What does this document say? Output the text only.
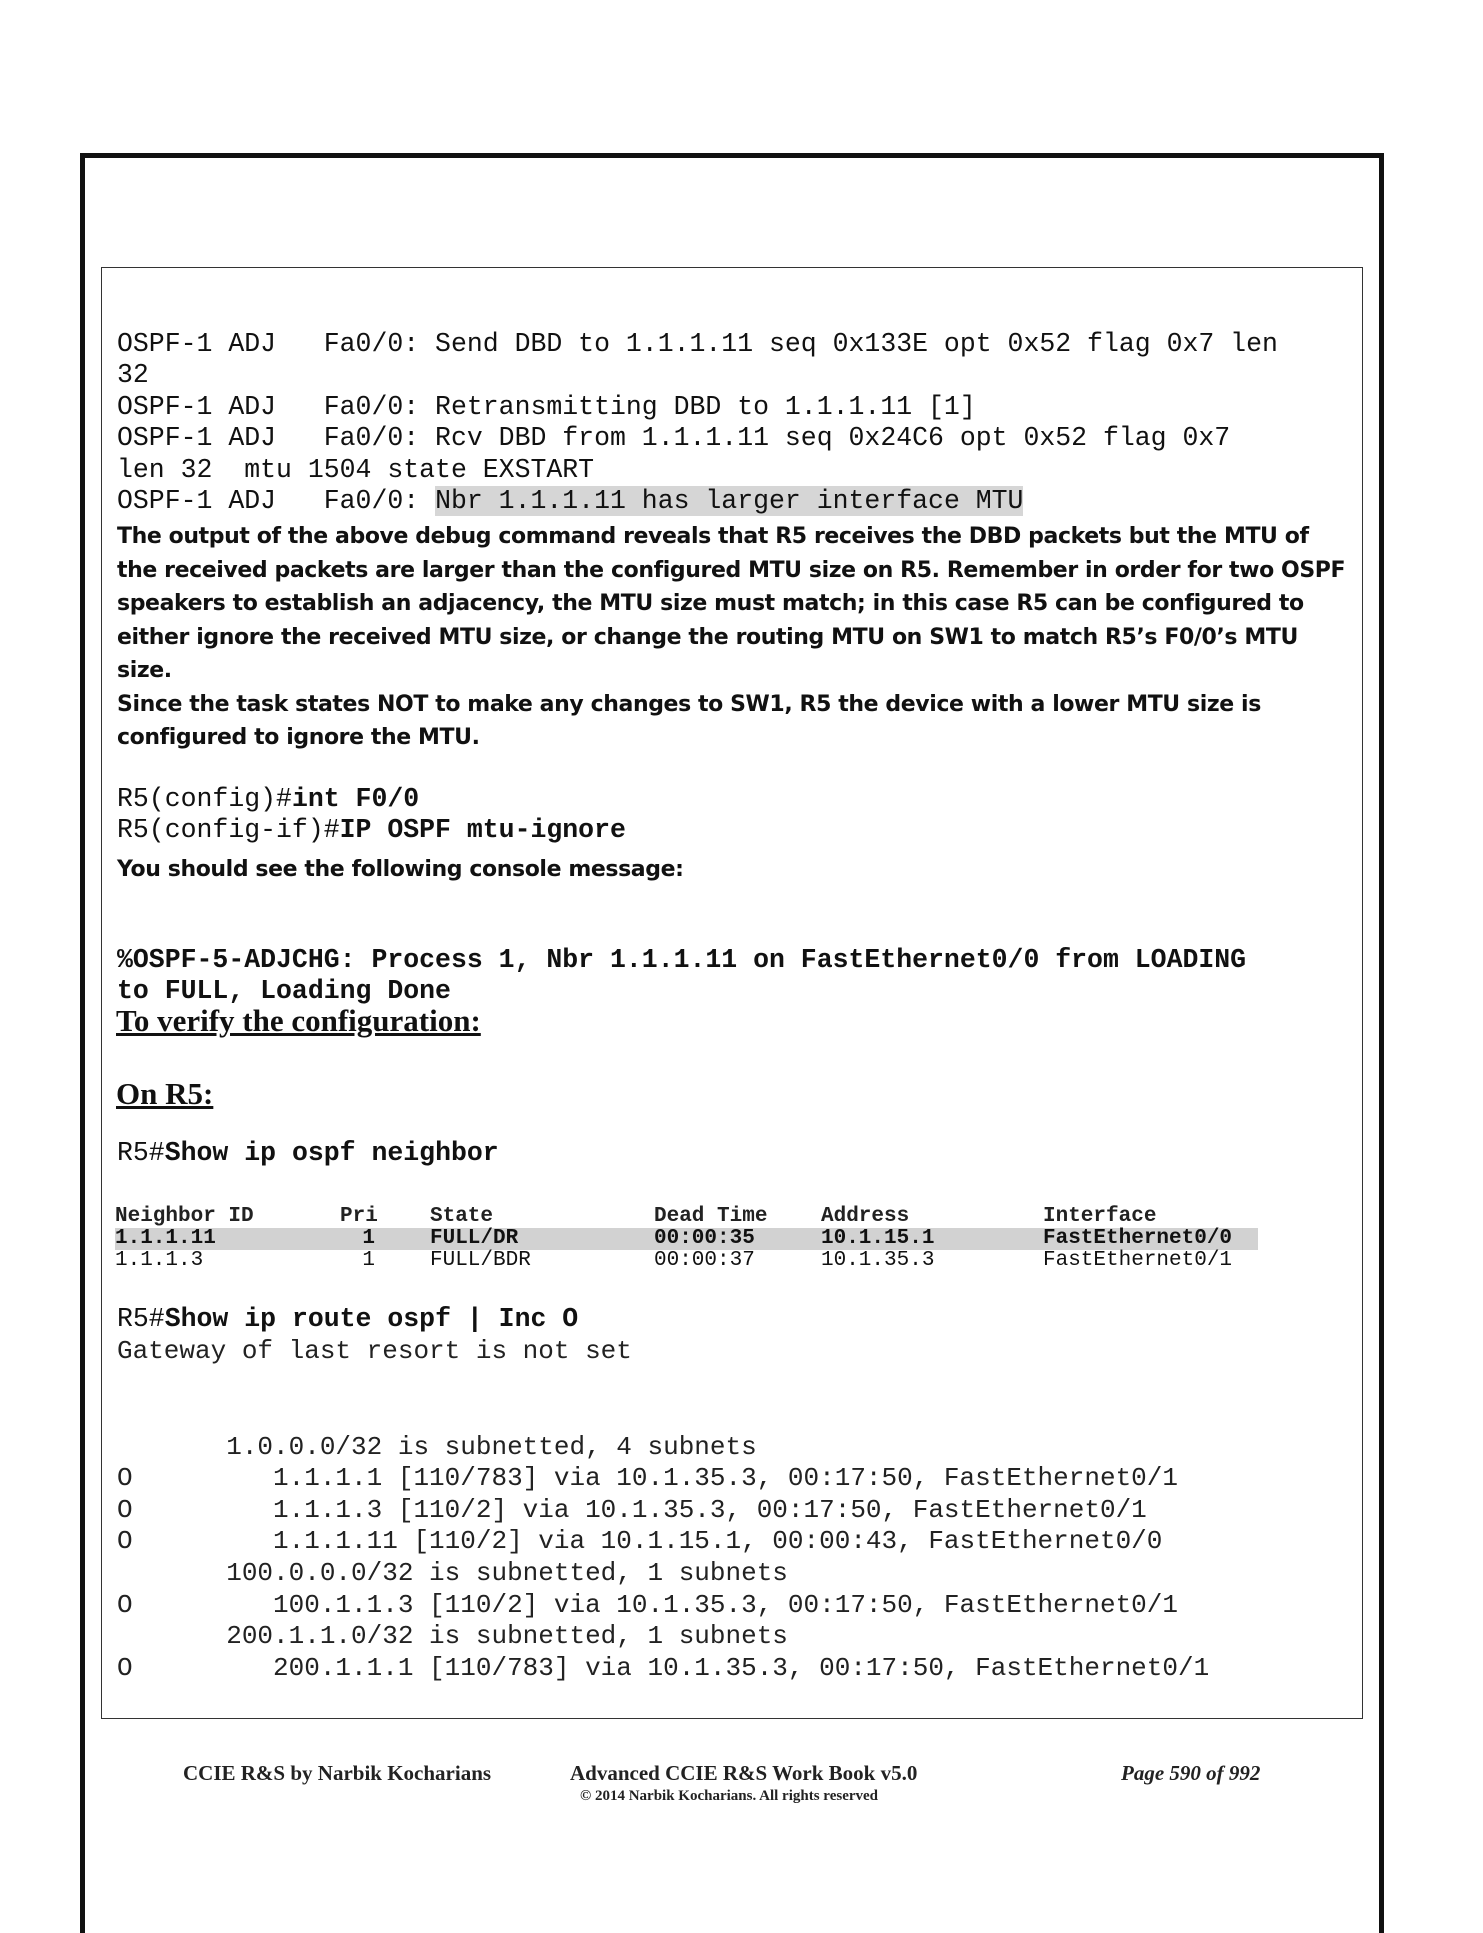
OSPF-1 ADJ   Fa0/0: Send DBD to 1.1.1.11 seq 0x133E opt 0x52 flag 0x7 len
32
OSPF-1 ADJ   Fa0/0: Retransmitting DBD to 1.1.1.11 [1]
OSPF-1 ADJ   Fa0/0: Rcv DBD from 1.1.1.11 seq 0x24C6 opt 0x52 flag 0x7
len 32  mtu 1504 state EXSTART
OSPF-1 ADJ   Fa0/0: Nbr 1.1.1.11 has larger interface MTU

The output of the above debug command reveals that R5 receives the DBD packets but the MTU of the received packets are larger than the configured MTU size on R5. Remember in order for two OSPF speakers to establish an adjacency, the MTU size must match; in this case R5 can be configured to either ignore the received MTU size, or change the routing MTU on SW1 to match R5’s F0/0’s MTU size.
Since the task states NOT to make any changes to SW1, R5 the device with a lower MTU size is configured to ignore the MTU.

R5(config)#int F0/0
R5(config-if)#IP OSPF mtu-ignore

You should see the following console message:

%OSPF-5-ADJCHG: Process 1, Nbr 1.1.1.11 on FastEthernet0/0 from LOADING
to FULL, Loading Done

To verify the configuration:
On R5:
R5#Show ip ospf neighbor
Neighbor ID	Pri	State	Dead Time	Address	Interface
1.1.1.11	1	FULL/DR	00:00:35	10.1.15.1	FastEthernet0/0
1.1.1.3	1	FULL/BDR	00:00:37	10.1.35.3	FastEthernet0/1
R5#Show ip route ospf | Inc O
Gateway of last resort is not set

1.0.0.0/32 is subnetted, 4 subnets
O         1.1.1.1 [110/783] via 10.1.35.3, 00:17:50, FastEthernet0/1
O         1.1.1.3 [110/2] via 10.1.35.3, 00:17:50, FastEthernet0/1
O         1.1.1.11 [110/2] via 10.1.15.1, 00:00:43, FastEthernet0/0
100.0.0.0/32 is subnetted, 1 subnets
O         100.1.1.3 [110/2] via 10.1.35.3, 00:17:50, FastEthernet0/1
200.1.1.0/32 is subnetted, 1 subnets
O         200.1.1.1 [110/783] via 10.1.35.3, 00:17:50, FastEthernet0/1

CCIE R&S by Narbik Kocharians	Advanced CCIE R&S Work Book v5.0
© 2014 Narbik Kocharians. All rights reserved
Page 590 of 992
